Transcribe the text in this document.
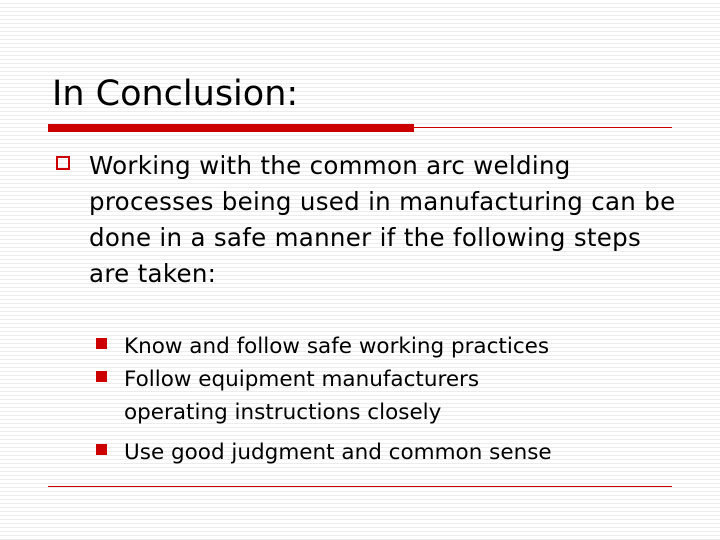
In Conclusion:
Working with the common arc welding processes being used in manufacturing can be done in a safe manner if the following steps are taken:
Know and follow safe working practices
Follow equipment manufacturers operating instructions closely
Use good judgment and common sense
